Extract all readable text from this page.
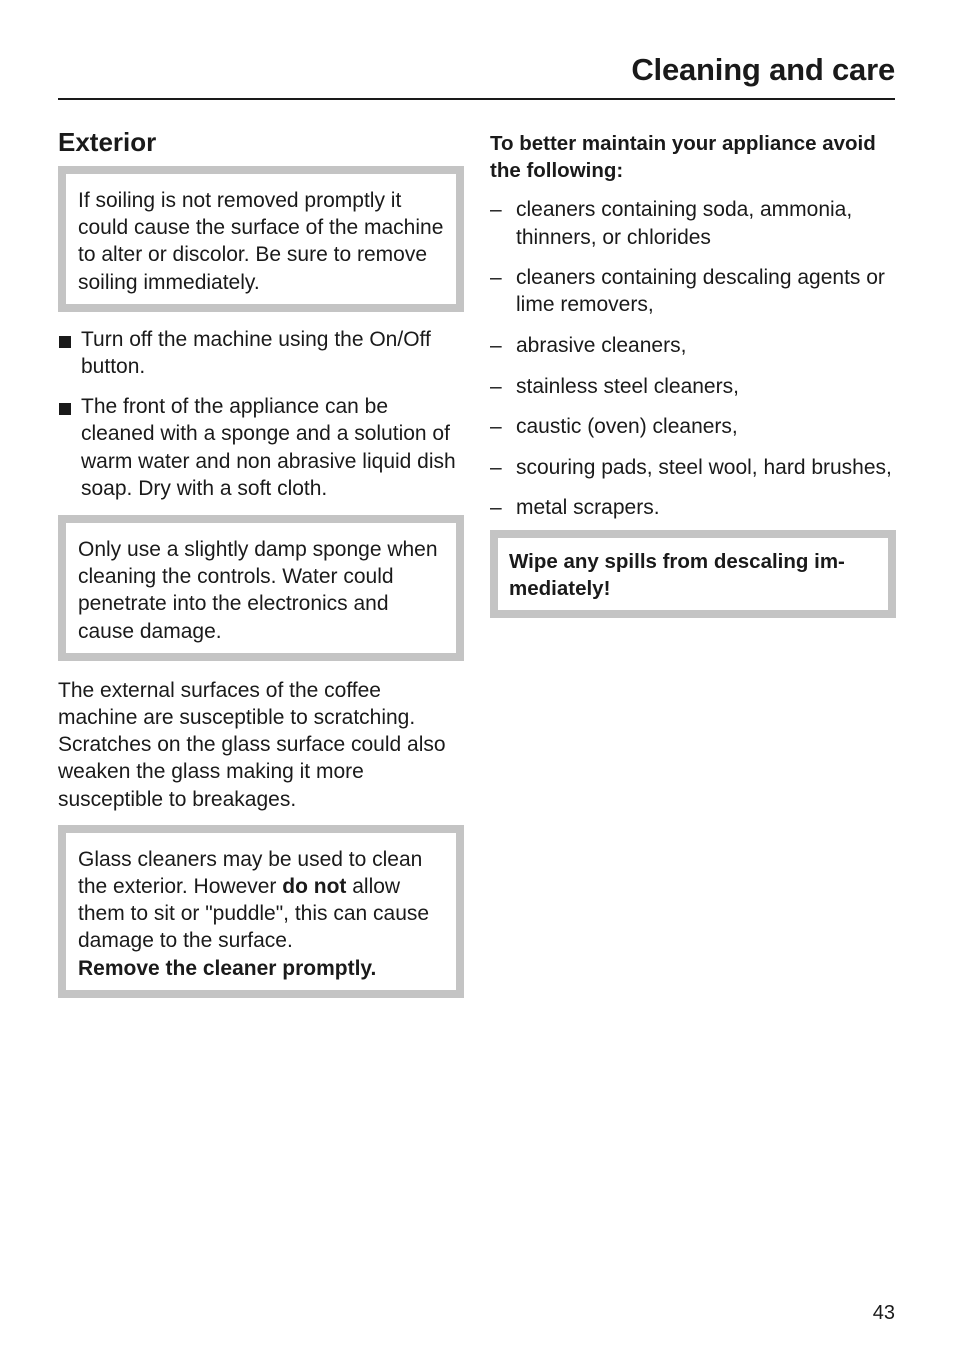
Cleaning and care
Exterior
If soiling is not removed promptly it could cause the surface of the machine to alter or discolor. Be sure to remove soiling immediately.
Turn off the machine using the On/Off button.
The front of the appliance can be cleaned with a sponge and a solution of warm water and non abrasive liquid dish soap. Dry with a soft cloth.
Only use a slightly damp sponge when cleaning the controls. Water could penetrate into the electronics and cause damage.

The external surfaces of the coffee machine are susceptible to scratching. Scratches on the glass surface could also weaken the glass making it more susceptible to breakages.

Glass cleaners may be used to clean the exterior. However do not allow them to sit or "puddle", this can cause damage to the surface.
Remove the cleaner promptly.

To better maintain your appliance avoid the following:

– cleaners containing soda, ammonia, thinners, or chlorides
– cleaners containing descaling agents or lime removers,
– abrasive cleaners,
– stainless steel cleaners,
– caustic (oven) cleaners,
– scouring pads, steel wool, hard brushes,
– metal scrapers.
Wipe any spills from descaling im-mediately!
43
